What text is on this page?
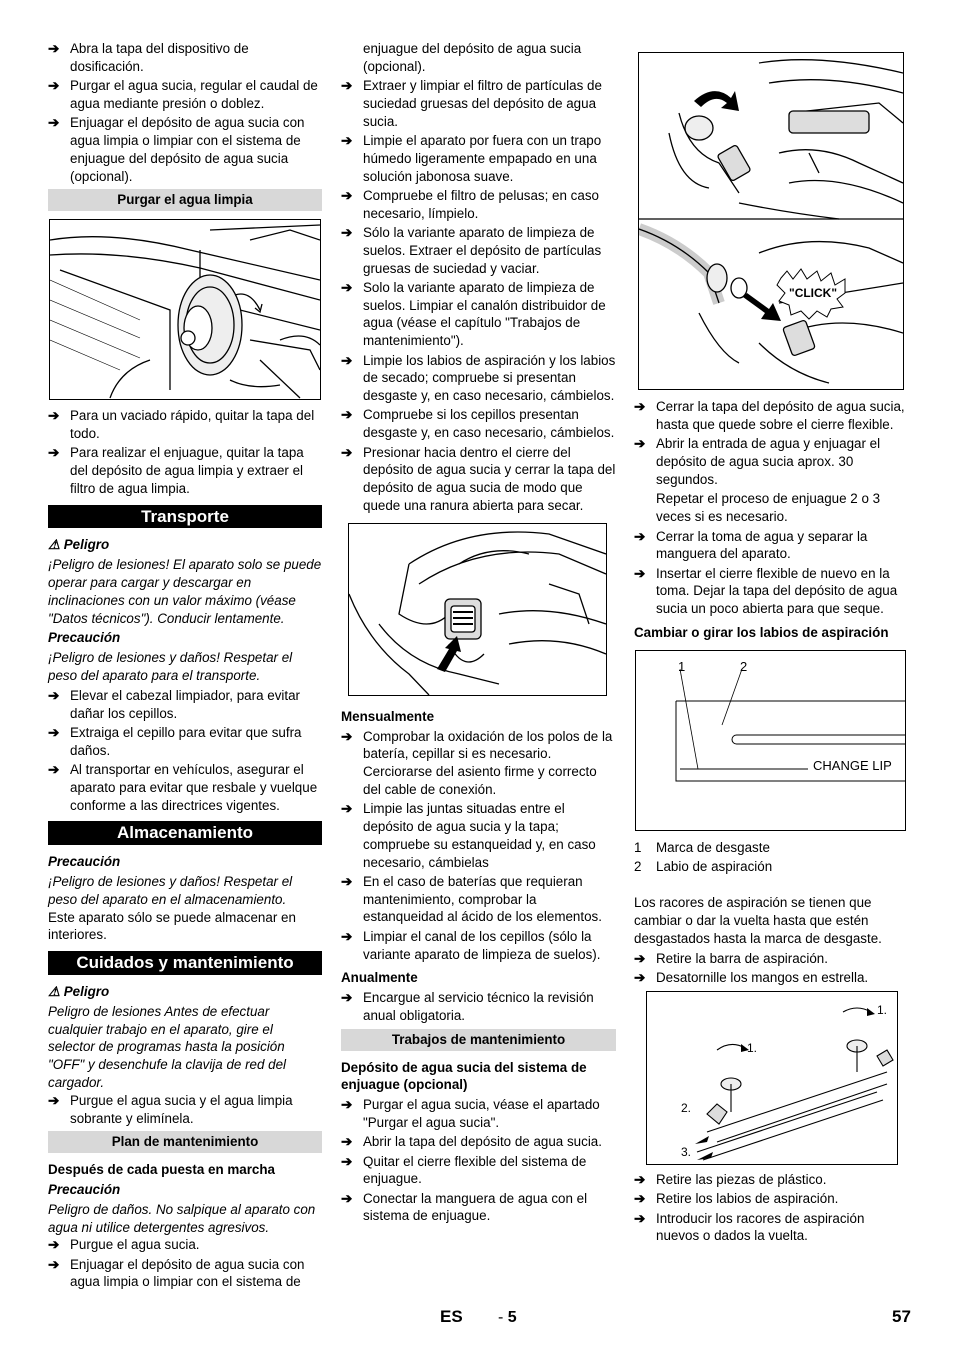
➔ Abra la tapa del dispositivo de dosificación.
➔ Purgar el agua sucia, regular el caudal de agua mediante presión o doblez.
➔ Enjuagar el depósito de agua sucia con agua limpia o limpiar con el sistema de enjuague del depósito de agua sucia (opcional).
Purgar el agua limpia
➔ Para un vaciado rápido, quitar la tapa del todo.
➔ Para realizar el enjuague, quitar la tapa del depósito de agua limpia y extraer el filtro de agua limpia.
Transporte
⚠ Peligro
¡Peligro de lesiones! El aparato solo se puede operar para cargar y descargar en inclinaciones con un valor máximo (véase "Datos técnicos"). Conducir lentamente.
Precaución
¡Peligro de lesiones y daños! Respetar el peso del aparato para el transporte.
➔ Elevar el cabezal limpiador, para evitar dañar los cepillos.
➔ Extraiga el cepillo para evitar que sufra daños.
➔ Al transportar en vehículos, asegurar el aparato para evitar que resbale y vuelque conforme a las directrices vigentes.
Almacenamiento
Precaución
¡Peligro de lesiones y daños! Respetar el peso del aparato en el almacenamiento.
Este aparato sólo se puede almacenar en interiores.
Cuidados y mantenimiento
⚠ Peligro
Peligro de lesiones Antes de efectuar cualquier trabajo en el aparato, gire el selector de programas hasta la posición "OFF" y desenchufe la clavija de red del cargador.
➔ Purgue el agua sucia y el agua limpia sobrante y elimínela.
Plan de mantenimiento
Después de cada puesta en marcha
Precaución
Peligro de daños. No salpique al aparato con agua ni utilice detergentes agresivos.
➔ Purgue el agua sucia.
➔ Enjuagar el depósito de agua sucia con agua limpia o limpiar con el sistema de
enjuague del depósito de agua sucia (opcional).
➔ Extraer y limpiar el filtro de partículas de suciedad gruesas del depósito de agua sucia.
➔ Limpie el aparato por fuera con un trapo húmedo ligeramente empapado en una solución jabonosa suave.
➔ Compruebe el filtro de pelusas; en caso necesario, límpielo.
➔ Sólo la variante aparato de limpieza de suelos. Extraer el depósito de partículas gruesas de suciedad y vaciar.
➔ Solo la variante aparato de limpieza de suelos. Limpiar el canalón distribuidor de agua (véase el capítulo "Trabajos de mantenimiento").
➔ Limpie los labios de aspiración y los labios de secado; compruebe si presentan desgaste y, en caso necesario, cámbielos.
➔ Compruebe si los cepillos presentan desgaste y, en caso necesario, cámbielos.
➔ Presionar hacia dentro el cierre del depósito de agua sucia y cerrar la tapa del depósito de agua sucia de modo que quede una ranura abierta para secar.
Mensualmente
➔ Comprobar la oxidación de los polos de la batería, cepillar si es necesario. Cerciorarse del asiento firme y correcto del cable de conexión.
➔ Limpie las juntas situadas entre el depósito de agua sucia y la tapa; compruebe su estanqueidad y, en caso necesario, cámbielas
➔ En el caso de baterías que requieran mantenimiento, comprobar la estanqueidad al ácido de los elementos.
➔ Limpiar el canal de los cepillos (sólo la variante aparato de limpieza de suelos).
Anualmente
➔ Encargue al servicio técnico la revisión anual obligatoria.
Trabajos de mantenimiento
Depósito de agua sucia del sistema de enjuague (opcional)
➔ Purgar el agua sucia, véase el apartado "Purgar el agua sucia".
➔ Abrir la tapa del depósito de agua sucia.
➔ Quitar el cierre flexible del sistema de enjuague.
➔ Conectar la manguera de agua con el sistema de enjuague.
"CLICK"
➔ Cerrar la tapa del depósito de agua sucia, hasta que quede sobre el cierre flexible.
➔ Abrir la entrada de agua y enjuagar el depósito de agua sucia aprox. 30 segundos.
Repetar el proceso de enjuague 2 o 3 veces si es necesario.
➔ Cerrar la toma de agua y separar la manguera del aparato.
➔ Insertar el cierre flexible de nuevo en la toma. Dejar la tapa del depósito de agua sucia un poco abierta para que seque.
Cambiar o girar los labios de aspiración
1	2
CHANGE LIP
1	Marca de desgaste
2	Labio de aspiración
Los racores de aspiración se tienen que cambiar o dar la vuelta hasta que estén desgastados hasta la marca de desgaste.
➔ Retire la barra de aspiración.
➔ Desatornille los mangos en estrella.
1.
1.
2.
3.
➔ Retire las piezas de plástico.
➔ Retire los labios de aspiración.
➔ Introducir los racores de aspiración nuevos o dados la vuelta.
ES - 5	57
